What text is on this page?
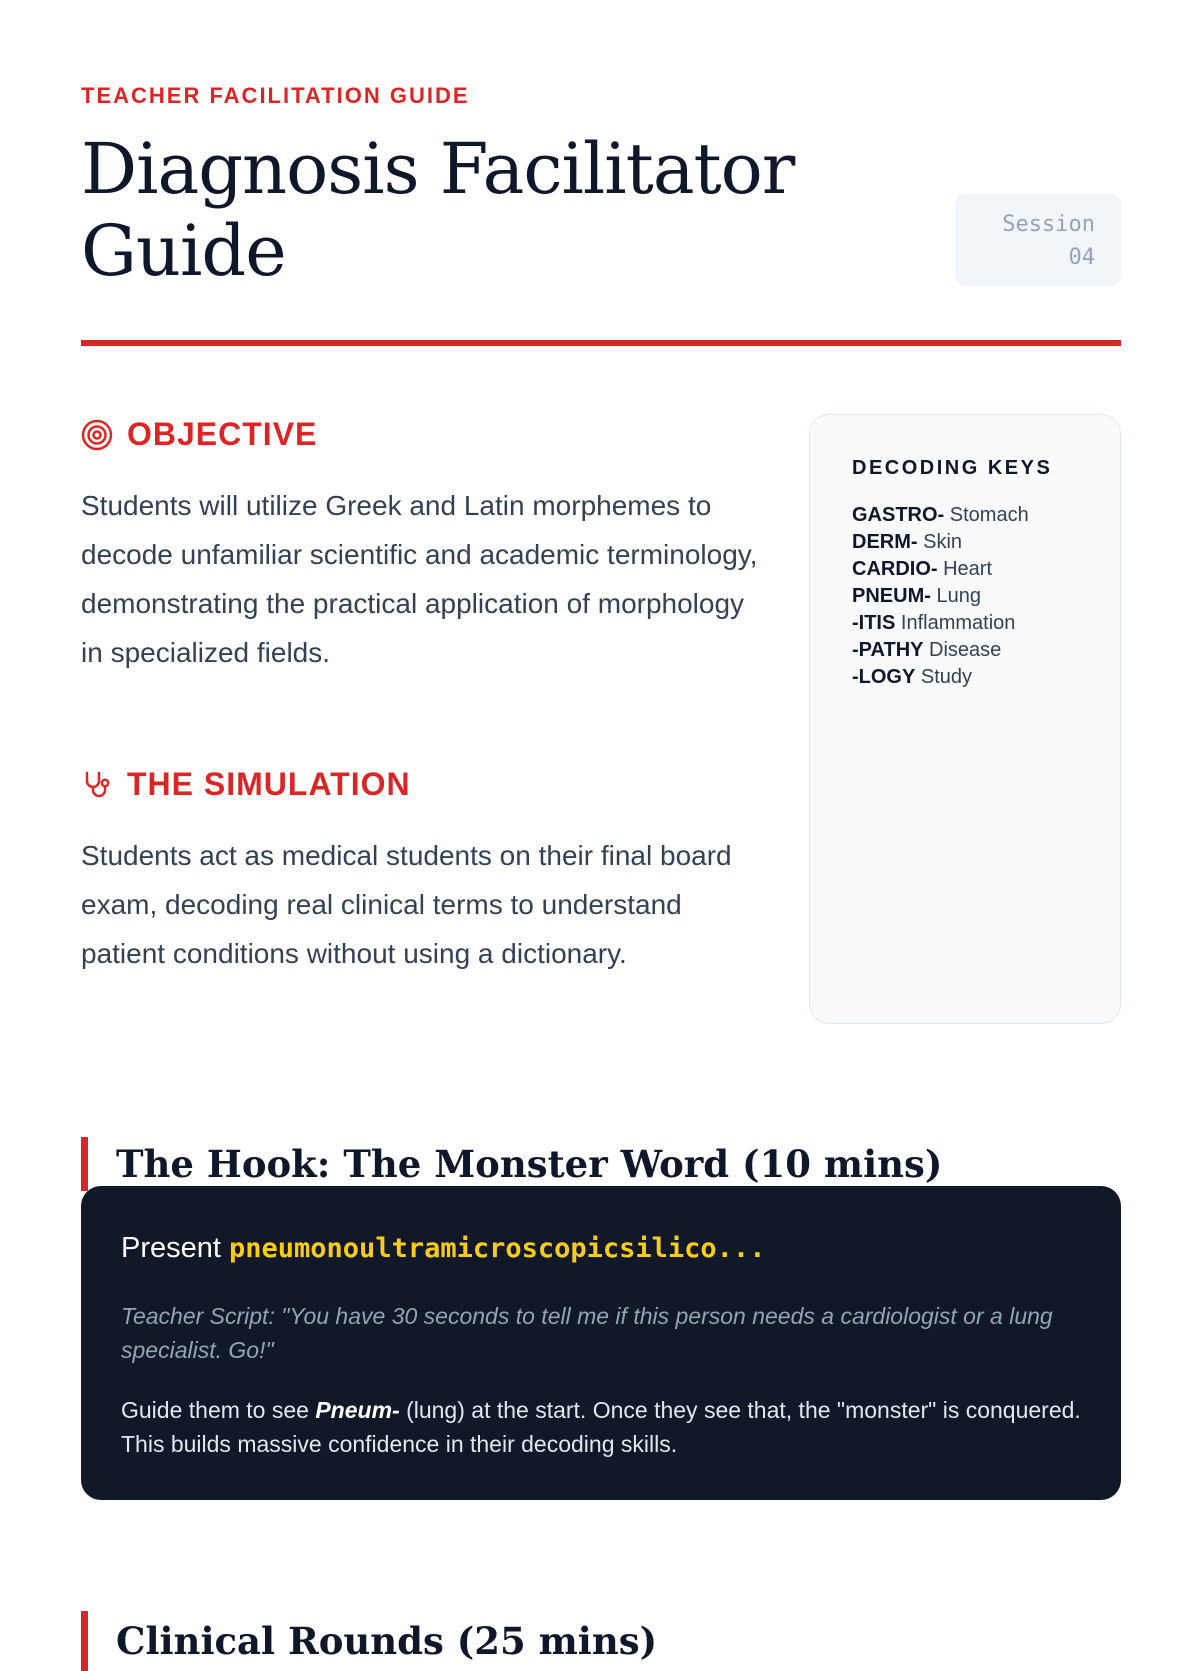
TEACHER FACILITATION GUIDE
Diagnosis Facilitator Guide	Session
04
OBJECTIVE

Students will utilize Greek and Latin morphemes to decode unfamiliar scientific and academic terminology, demonstrating the practical application of morphology in specialized fields.

THE SIMULATION

Students act as medical students on their final board exam, decoding real clinical terms to understand patient conditions without using a dictionary.

DECODING KEYS
GASTRO- Stomach
DERM- Skin
CARDIO- Heart
PNEUM- Lung
-ITIS Inflammation
-PATHY Disease
-LOGY Study
The Hook: The Monster Word (10 mins)

Present pneumonoultramicroscopicsilico...

Teacher Script: "You have 30 seconds to tell me if this person needs a cardiologist or a lung specialist. Go!"

Guide them to see Pneum- (lung) at the start. Once they see that, the "monster" is conquered. This builds massive confidence in their decoding skills.

Clinical Rounds (25 mins)
